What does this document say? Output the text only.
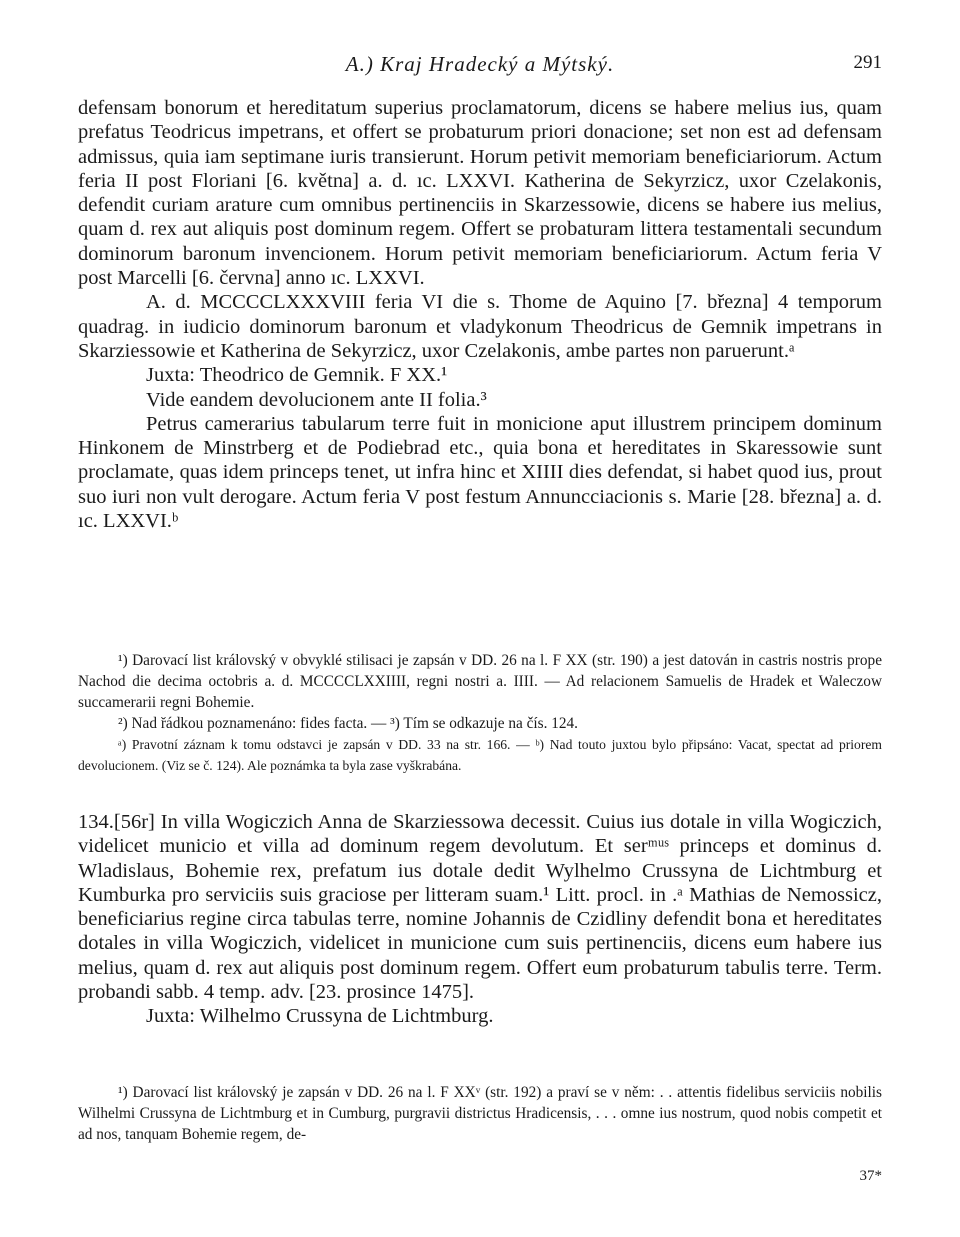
A.) Kraj Hradecký a Mýtský.	291

defensam bonorum et hereditatum superius proclamatorum, dicens se habere melius ius, quam prefatus Teodricus impetrans, et offert se probaturum priori donacione; set non est ad defensam admissus, quia iam septimane iuris transierunt. Horum petivit memoriam beneficiariorum. Actum feria II post Floriani [6. května] a. d. ıc. LXXVI. Katherina de Sekyrzicz, uxor Czelakonis, defendit curiam arature cum omnibus pertinenciis in Skarzessowie, dicens se habere ius melius, quam d. rex aut aliquis post dominum regem. Offert se probaturam littera testamentali secundum dominorum baronum invencionem. Horum petivit memoriam beneficiariorum. Actum feria V post Marcelli [6. června] anno ıc. LXXVI.

A. d. MCCCCLXXXVIII feria VI die s. Thome de Aquino [7. března] 4 temporum quadrag. in iudicio dominorum baronum et vladykonum Theodricus de Gemnik impetrans in Skarziessowie et Katherina de Sekyrzicz, uxor Czelakonis, ambe partes non paruerunt.ᵃ

Juxta: Theodrico de Gemnik. F XX.¹

Vide eandem devolucionem ante II folia.³

Petrus camerarius tabularum terre fuit in monicione aput illustrem principem dominum Hinkonem de Minstrberg et de Podiebrad etc., quia bona et hereditates in Skaressowie sunt proclamate, quas idem princeps tenet, ut infra hinc et XIIII dies defendat, si habet quod ius, prout suo iuri non vult derogare. Actum feria V post festum Annuncciacionis s. Marie [28. března] a. d. ıc. LXXVI.ᵇ

¹) Darovací list královský v obvyklé stilisaci je zapsán v DD. 26 na l. F XX (str. 190) a jest datován in castris nostris prope Nachod die decima octobris a. d. MCCCCLXXIIII, regni nostri a. IIII. — Ad relacionem Samuelis de Hradek et Waleczow succamerarii regni Bohemie.

²) Nad řádkou poznamenáno: fides facta. — ³) Tím se odkazuje na čís. 124.

ᵃ) Pravotní záznam k tomu odstavci je zapsán v DD. 33 na str. 166. — ᵇ) Nad touto juxtou bylo připsáno: Vacat, spectat ad priorem devolucionem. (Viz se č. 124). Ale poznámka ta byla zase vyškrabána.

134.[56r] In villa Wogiczich Anna de Skarziessowa decessit. Cuius ius dotale in villa Wogiczich, videlicet municio et villa ad dominum regem devolutum. Et serᵐᵘˢ princeps et dominus d. Wladislaus, Bohemie rex, prefatum ius dotale dedit Wylhelmo Crussyna de Lichtmburg et Kumburka pro serviciis suis graciose per litteram suam.¹ Litt. procl. in .ᵃ Mathias de Nemossicz, beneficiarius regine circa tabulas terre, nomine Johannis de Czidliny defendit bona et hereditates dotales in villa Wogiczich, videlicet in municione cum suis pertinenciis, dicens eum habere ius melius, quam d. rex aut aliquis post dominum regem. Offert eum probaturum tabulis terre. Term. probandi sabb. 4 temp. adv. [23. prosince 1475].

Juxta: Wilhelmo Crussyna de Lichtmburg.

¹) Darovací list královský je zapsán v DD. 26 na l. F XXᵛ (str. 192) a praví se v něm: . . attentis fidelibus serviciis nobilis Wilhelmi Crussyna de Lichtmburg et in Cumburg, purgravii districtus Hradicensis, . . . omne ius nostrum, quod nobis competit et ad nos, tanquam Bohemie regem, de-

37*
